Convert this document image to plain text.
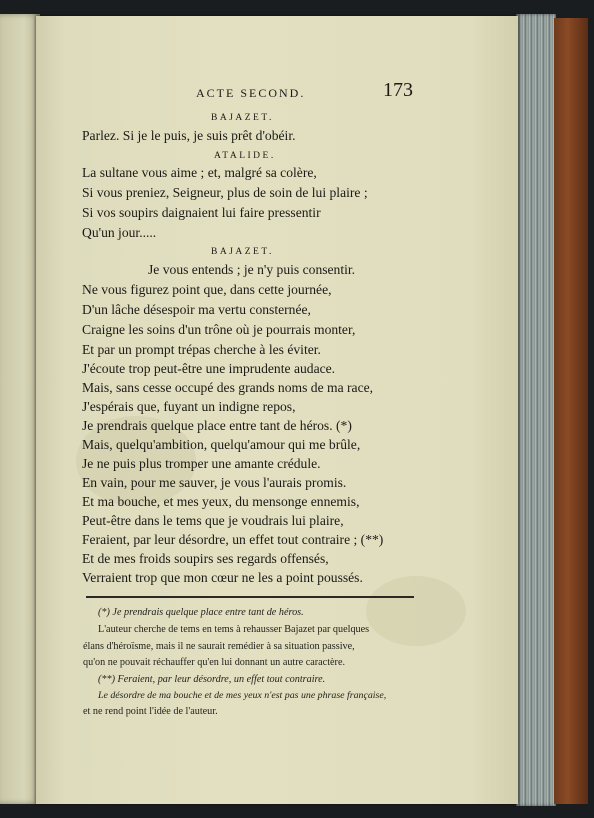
ACTE SECOND.	173
BAJAZET.
Parlez. Si je le puis, je suis prêt d'obéir.
ATALIDE.
La sultane vous aime ; et, malgré sa colère,
Si vous preniez, Seigneur, plus de soin de lui plaire ;
Si vos soupirs daignaient lui faire pressentir
Qu'un jour.....
BAJAZET.
Je vous entends ; je n'y puis consentir.
Ne vous figurez point que, dans cette journée,
D'un lâche désespoir ma vertu consternée,
Craigne les soins d'un trône où je pourrais monter,
Et par un prompt trépas cherche à les éviter.
J'écoute trop peut-être une imprudente audace.
Mais, sans cesse occupé des grands noms de ma race,
J'espérais que, fuyant un indigne repos,
Je prendrais quelque place entre tant de héros. (*)
Mais, quelqu'ambition, quelqu'amour qui me brûle,
Je ne puis plus tromper une amante crédule.
En vain, pour me sauver, je vous l'aurais promis.
Et ma bouche, et mes yeux, du mensonge ennemis,
Peut-être dans le tems que je voudrais lui plaire,
Feraient, par leur désordre, un effet tout contraire ; (**)
Et de mes froids soupirs ses regards offensés,
Verraient trop que mon cœur ne les a point poussés.
(*) Je prendrais quelque place entre tant de héros.
L'auteur cherche de tems en tems à rehausser Bajazet par quelques
élans d'héroïsme, mais il ne saurait remédier à sa situation passive,
qu'on ne pouvait réchauffer qu'en lui donnant un autre caractère.
(**) Feraient, par leur désordre, un effet tout contraire.
Le désordre de ma bouche et de mes yeux n'est pas une phrase française,
et ne rend point l'idée de l'auteur.
